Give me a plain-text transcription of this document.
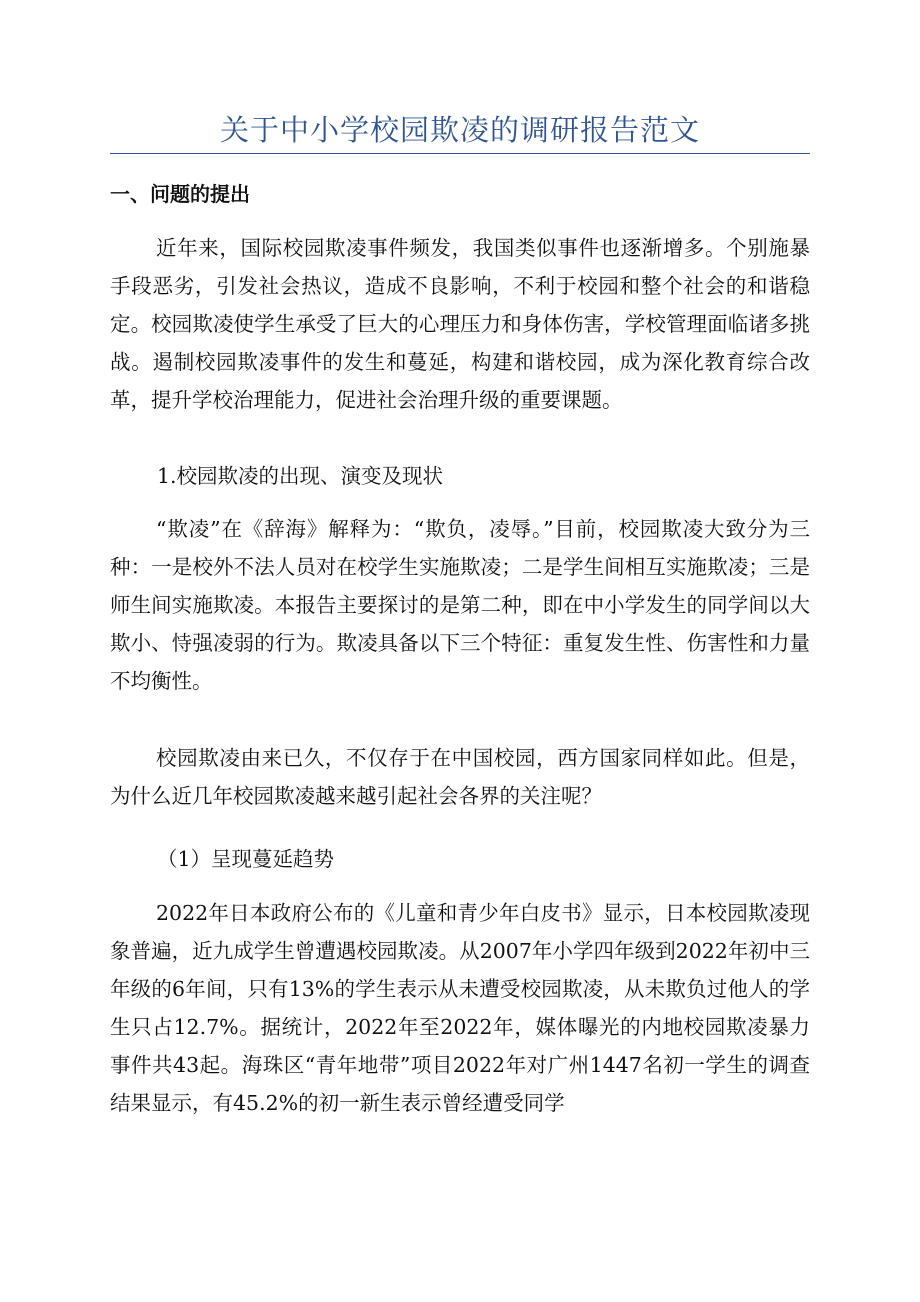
关于中小学校园欺凌的调研报告范文
一、问题的提出
近年来，国际校园欺凌事件频发，我国类似事件也逐渐增多。个别施暴手段恶劣，引发社会热议，造成不良影响，不利于校园和整个社会的和谐稳定。校园欺凌使学生承受了巨大的心理压力和身体伤害，学校管理面临诸多挑战。遏制校园欺凌事件的发生和蔓延，构建和谐校园，成为深化教育综合改革，提升学校治理能力，促进社会治理升级的重要课题。
1.校园欺凌的出现、演变及现状
“欺凌”在《辞海》解释为：“欺负，凌辱。”目前，校园欺凌大致分为三种：一是校外不法人员对在校学生实施欺凌；二是学生间相互实施欺凌；三是师生间实施欺凌。本报告主要探讨的是第二种，即在中小学发生的同学间以大欺小、恃强凌弱的行为。欺凌具备以下三个特征：重复发生性、伤害性和力量不均衡性。
校园欺凌由来已久，不仅存于在中国校园，西方国家同样如此。但是，为什么近几年校园欺凌越来越引起社会各界的关注呢？
（1）呈现蔓延趋势
2022年日本政府公布的《儿童和青少年白皮书》显示，日本校园欺凌现象普遍，近九成学生曾遭遇校园欺凌。从2007年小学四年级到2022年初中三年级的6年间，只有13%的学生表示从未遭受校园欺凌，从未欺负过他人的学生只占12.7%。据统计，2022年至2022年，媒体曝光的内地校园欺凌暴力事件共43起。海珠区“青年地带”项目2022年对广州1447名初一学生的调查结果显示，有45.2%的初一新生表示曾经遭受同学
